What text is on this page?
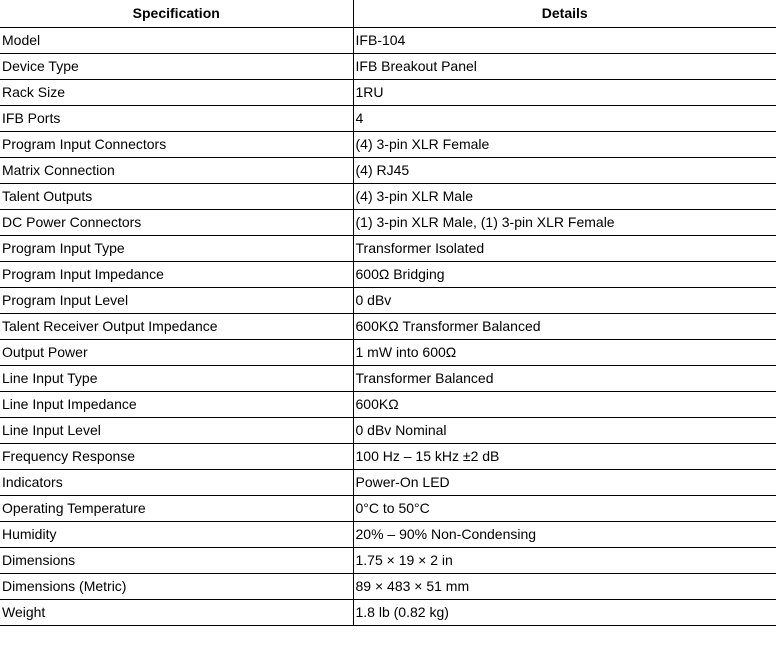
Specification	Details
Model	IFB-104
Device Type	IFB Breakout Panel
Rack Size	1RU
IFB Ports	4
Program Input Connectors	(4) 3-pin XLR Female
Matrix Connection	(4) RJ45
Talent Outputs	(4) 3-pin XLR Male
DC Power Connectors	(1) 3-pin XLR Male, (1) 3-pin XLR Female
Program Input Type	Transformer Isolated
Program Input Impedance	600Ω Bridging
Program Input Level	0 dBv
Talent Receiver Output Impedance	600KΩ Transformer Balanced
Output Power	1 mW into 600Ω
Line Input Type	Transformer Balanced
Line Input Impedance	600KΩ
Line Input Level	0 dBv Nominal
Frequency Response	100 Hz – 15 kHz ±2 dB
Indicators	Power-On LED
Operating Temperature	0°C to 50°C
Humidity	20% – 90% Non-Condensing
Dimensions	1.75 × 19 × 2 in
Dimensions (Metric)	89 × 483 × 51 mm
Weight	1.8 lb (0.82 kg)
